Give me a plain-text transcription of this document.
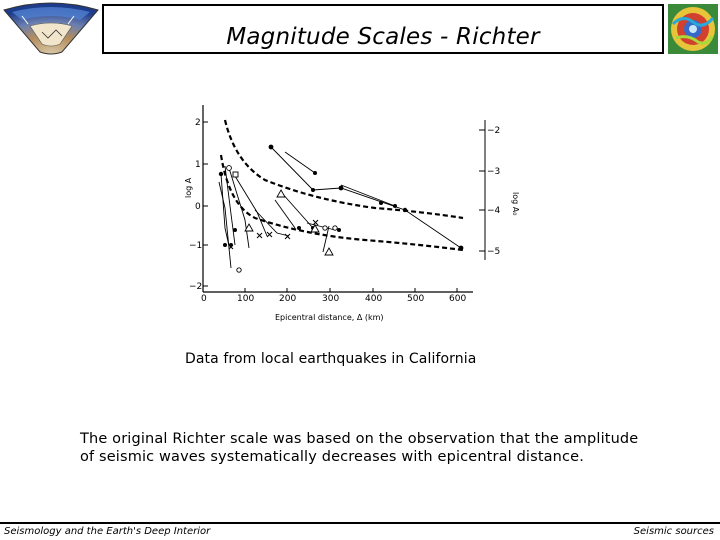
Magnitude Scales - Richter
2
1
0
−1
−2
log A
−2
−3
−4
−5
log A₀
0	100	200	300	400	500	600
Epicentral distance, Δ (km)
Data from local earthquakes in California
The original Richter scale was based on the observation that the amplitude of seismic waves systematically decreases with epicentral distance.
Seismology and the Earth's Deep Interior	Seismic sources
